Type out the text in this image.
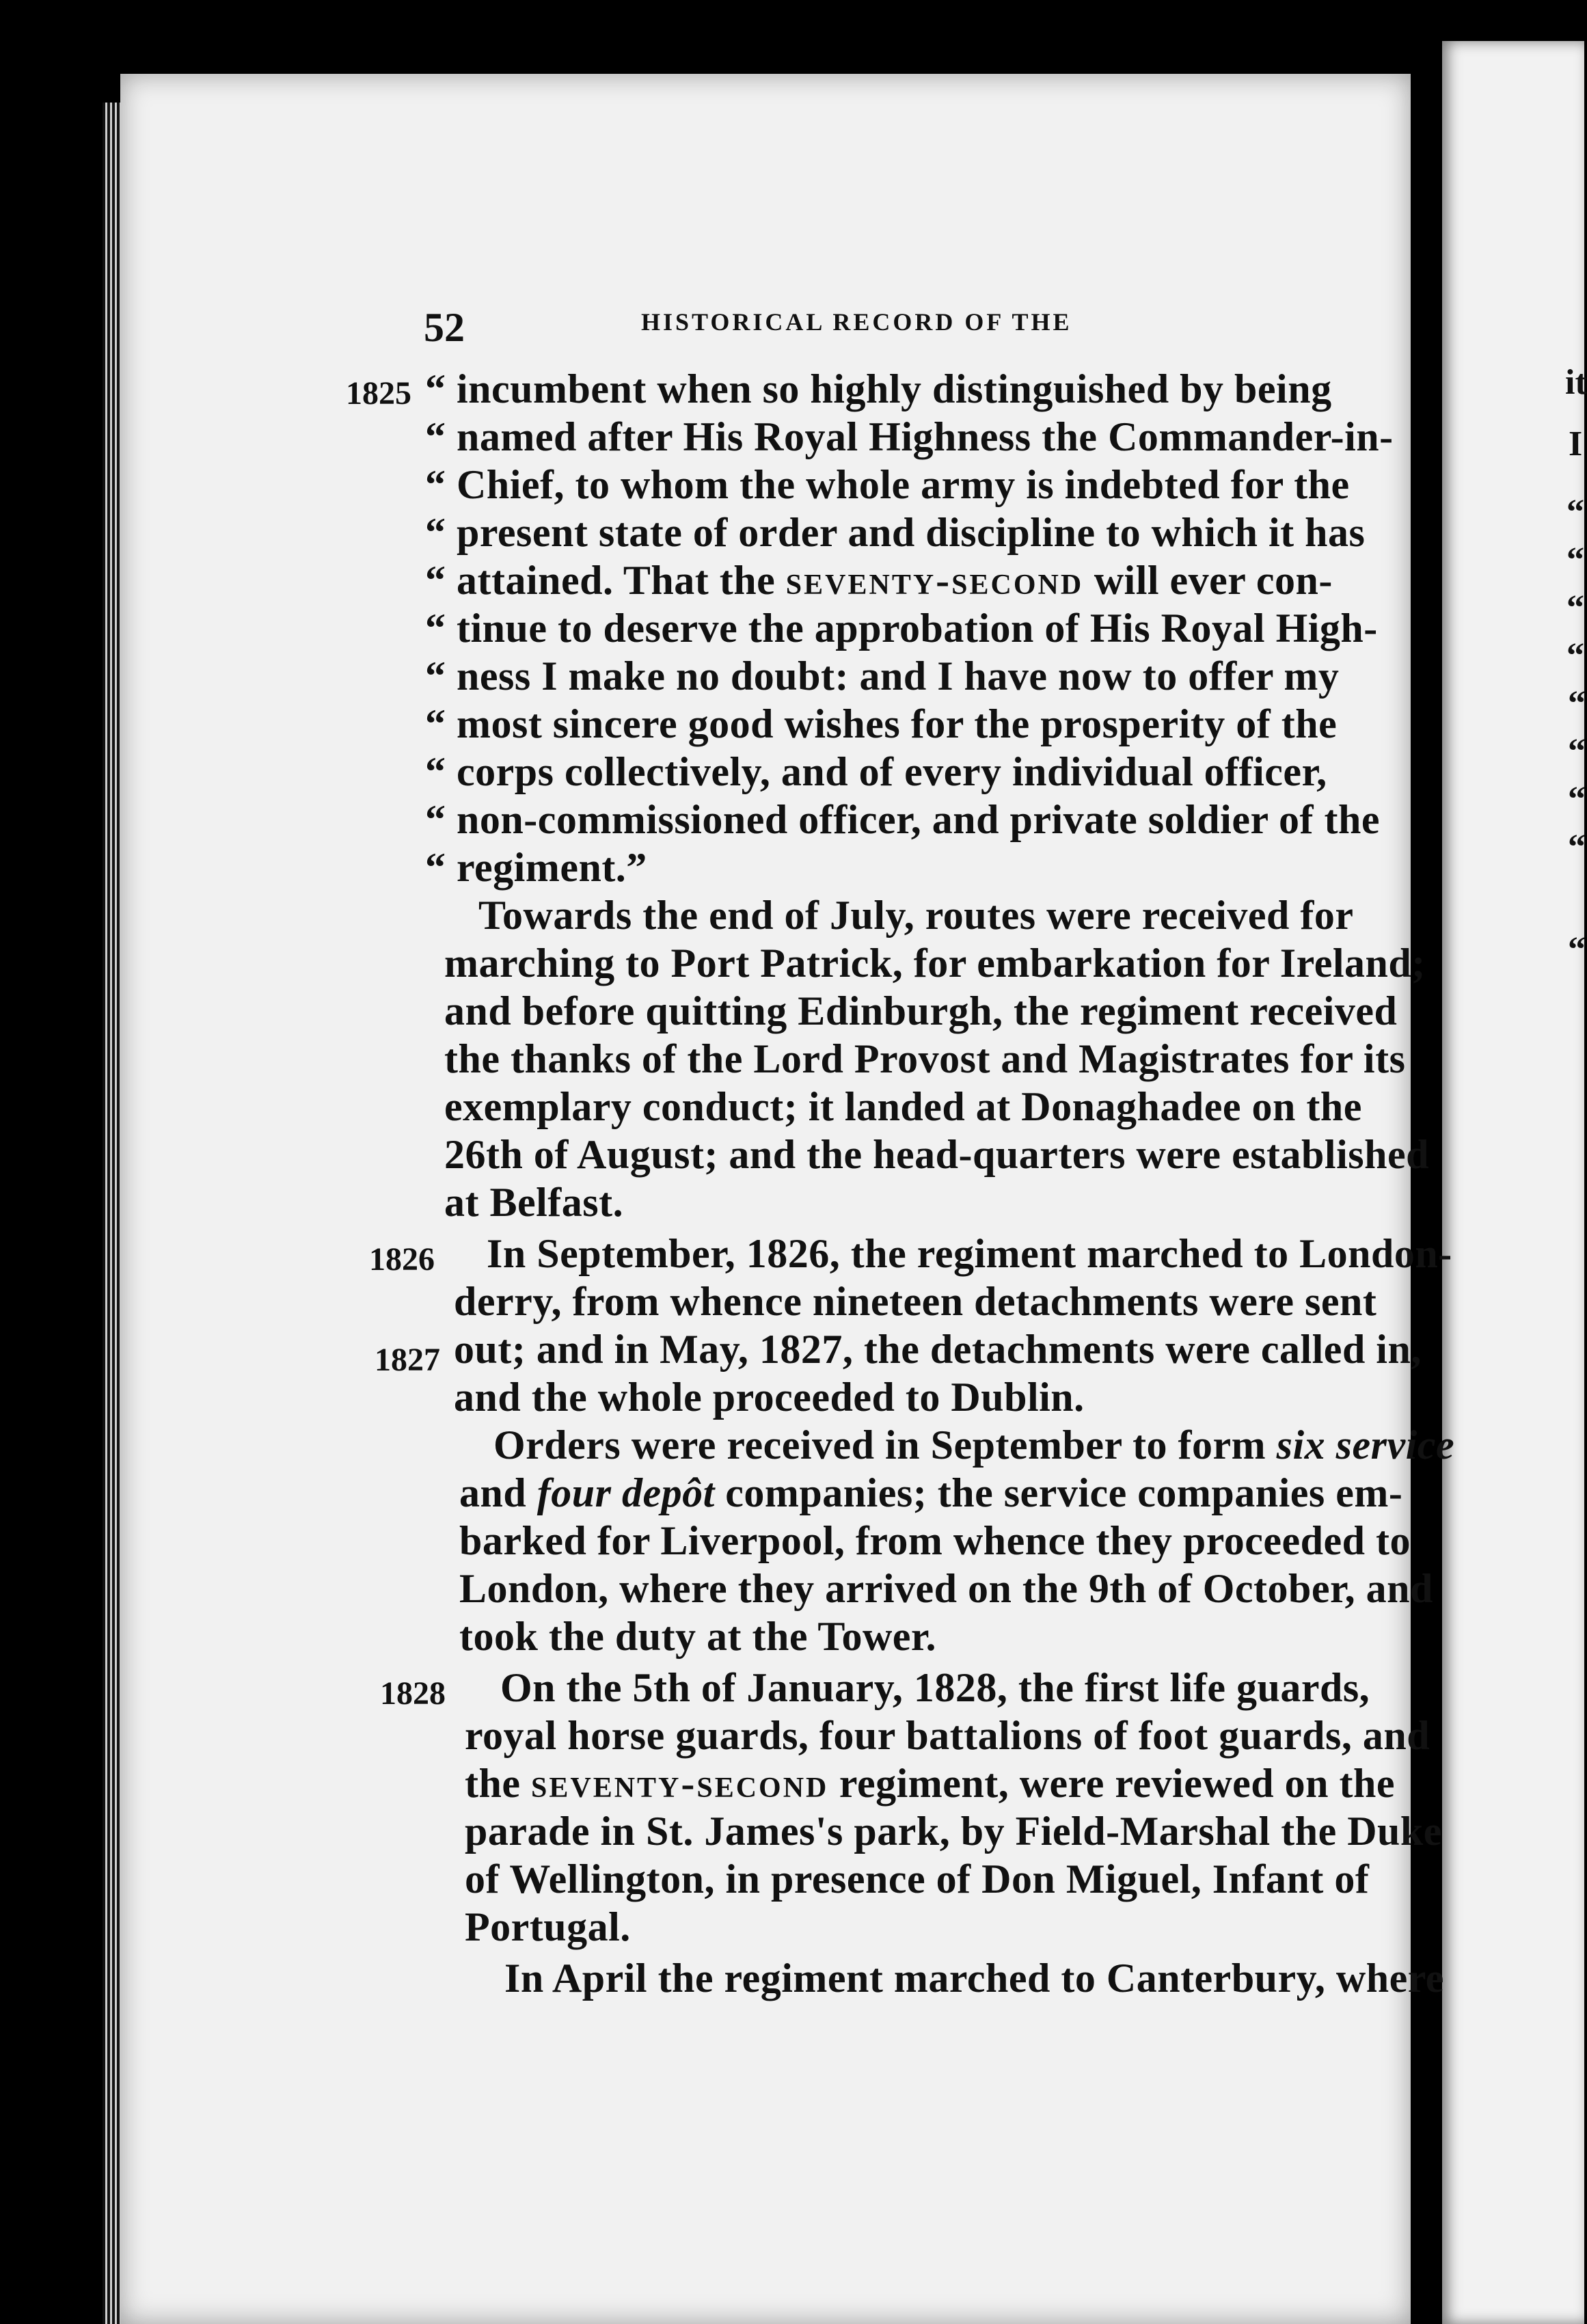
it
I
“
“
“
“
“
“
“
“
“
52	HISTORICAL RECORD OF THE
1825
1826
1827
1828
“ incumbent when so highly distinguished by being
“ named after His Royal Highness the Commander-in-
“ Chief, to whom the whole army is indebted for the
“ present state of order and discipline to which it has
“ attained. That the seventy-second will ever con-
“ tinue to deserve the approbation of His Royal High-
“ ness I make no doubt: and I have now to offer my
“ most sincere good wishes for the prosperity of the
“ corps collectively, and of every individual officer,
“ non-commissioned officer, and private soldier of the
“ regiment.”
Towards the end of July, routes were received for
marching to Port Patrick, for embarkation for Ireland;
and before quitting Edinburgh, the regiment received
the thanks of the Lord Provost and Magistrates for its
exemplary conduct; it landed at Donaghadee on the
26th of August; and the head-quarters were established
at Belfast.
In September, 1826, the regiment marched to London-
derry, from whence nineteen detachments were sent
out; and in May, 1827, the detachments were called in,
and the whole proceeded to Dublin.
Orders were received in September to form six service
and four depôt companies; the service companies em-
barked for Liverpool, from whence they proceeded to
London, where they arrived on the 9th of October, and
took the duty at the Tower.
On the 5th of January, 1828, the first life guards,
royal horse guards, four battalions of foot guards, and
the seventy-second regiment, were reviewed on the
parade in St. James's park, by Field-Marshal the Duke
of Wellington, in presence of Don Miguel, Infant of
Portugal.
In April the regiment marched to Canterbury, where
